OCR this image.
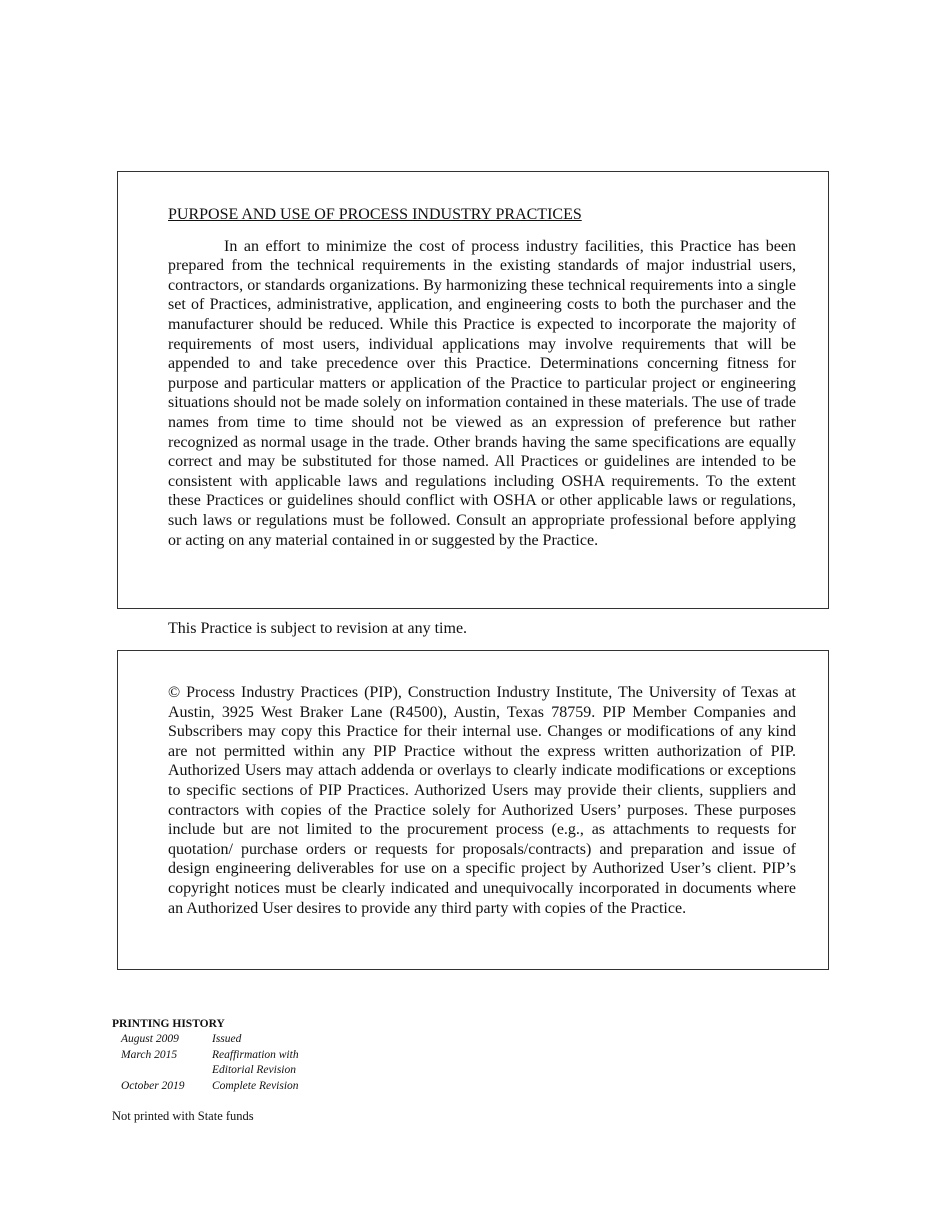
PURPOSE AND USE OF PROCESS INDUSTRY PRACTICES

In an effort to minimize the cost of process industry facilities, this Practice has been prepared from the technical requirements in the existing standards of major industrial users, contractors, or standards organizations. By harmonizing these technical requirements into a single set of Practices, administrative, application, and engineering costs to both the purchaser and the manufacturer should be reduced. While this Practice is expected to incorporate the majority of requirements of most users, individual applications may involve requirements that will be appended to and take precedence over this Practice. Determinations concerning fitness for purpose and particular matters or application of the Practice to particular project or engineering situations should not be made solely on information contained in these materials. The use of trade names from time to time should not be viewed as an expression of preference but rather recognized as normal usage in the trade. Other brands having the same specifications are equally correct and may be substituted for those named. All Practices or guidelines are intended to be consistent with applicable laws and regulations including OSHA requirements. To the extent these Practices or guidelines should conflict with OSHA or other applicable laws or regulations, such laws or regulations must be followed. Consult an appropriate professional before applying or acting on any material contained in or suggested by the Practice.

This Practice is subject to revision at any time.

© Process Industry Practices (PIP), Construction Industry Institute, The University of Texas at Austin, 3925 West Braker Lane (R4500), Austin, Texas 78759. PIP Member Companies and Subscribers may copy this Practice for their internal use. Changes or modifications of any kind are not permitted within any PIP Practice without the express written authorization of PIP. Authorized Users may attach addenda or overlays to clearly indicate modifications or exceptions to specific sections of PIP Practices. Authorized Users may provide their clients, suppliers and contractors with copies of the Practice solely for Authorized Users’ purposes. These purposes include but are not limited to the procurement process (e.g., as attachments to requests for quotation/ purchase orders or requests for proposals/contracts) and preparation and issue of design engineering deliverables for use on a specific project by Authorized User’s client. PIP’s copyright notices must be clearly indicated and unequivocally incorporated in documents where an Authorized User desires to provide any third party with copies of the Practice.

PRINTING HISTORY

August 2009	Issued
March 2015	Reaffirmation with Editorial Revision
October 2019	Complete Revision

Not printed with State funds
